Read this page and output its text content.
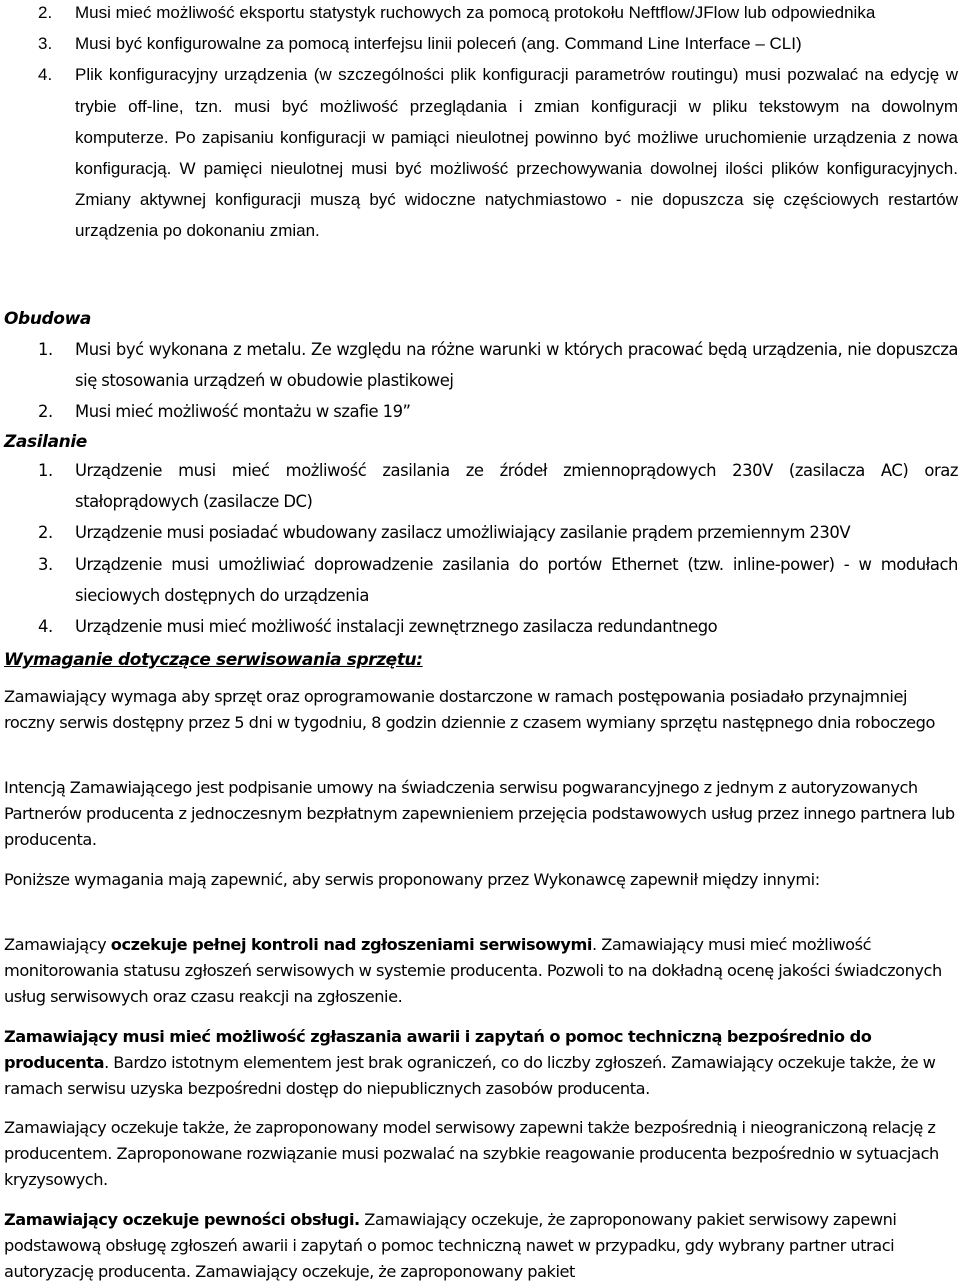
2. Musi mieć możliwość eksportu statystyk ruchowych za pomocą protokołu Neftflow/JFlow lub odpowiednika
3. Musi być konfigurowalne za pomocą interfejsu linii poleceń (ang. Command Line Interface – CLI)
4. Plik konfiguracyjny urządzenia (w szczególności plik konfiguracji parametrów routingu) musi pozwalać na edycję w trybie off-line, tzn. musi być możliwość przeglądania i zmian konfiguracji w pliku tekstowym na dowolnym komputerze. Po zapisaniu konfiguracji w pamiąci nieulotnej powinno być możliwe uruchomienie urządzenia z nowa konfiguracją. W pamięci nieulotnej musi być możliwość przechowywania dowolnej ilości plików konfiguracyjnych. Zmiany aktywnej konfiguracji muszą być widoczne natychmiastowo - nie dopuszcza się częściowych restartów urządzenia po dokonaniu zmian.
Obudowa
1. Musi być wykonana z metalu. Ze względu na różne warunki w których pracować będą urządzenia, nie dopuszcza się stosowania urządzeń w obudowie plastikowej
2. Musi mieć możliwość montażu w szafie 19”
Zasilanie
1. Urządzenie musi mieć możliwość zasilania ze źródeł zmiennoprądowych 230V (zasilacza AC) oraz stałoprądowych (zasilacze DC)
2. Urządzenie musi posiadać wbudowany zasilacz umożliwiający zasilanie prądem przemiennym 230V
3. Urządzenie musi umożliwiać doprowadzenie zasilania do portów Ethernet (tzw. inline-power) - w modułach sieciowych dostępnych do urządzenia
4. Urządzenie musi mieć możliwość instalacji zewnętrznego zasilacza redundantnego
Wymaganie dotyczące serwisowania sprzętu:
Zamawiający wymaga aby sprzęt oraz oprogramowanie dostarczone w ramach postępowania posiadało przynajmniej roczny serwis dostępny przez 5 dni w tygodniu, 8 godzin dziennie z czasem wymiany sprzętu następnego dnia roboczego
Intencją Zamawiającego jest podpisanie umowy na świadczenia serwisu pogwarancyjnego z jednym z autoryzowanych Partnerów producenta z jednoczesnym bezpłatnym zapewnieniem przejęcia podstawowych usług przez innego partnera lub producenta.
Poniższe wymagania mają zapewnić, aby serwis proponowany przez Wykonawcę zapewnił między innymi:
Zamawiający oczekuje pełnej kontroli nad zgłoszeniami serwisowymi. Zamawiający musi mieć możliwość monitorowania statusu zgłoszeń serwisowych w systemie producenta. Pozwoli to na dokładną ocenę jakości świadczonych usług serwisowych oraz czasu reakcji na zgłoszenie.
Zamawiający musi mieć możliwość zgłaszania awarii i zapytań o pomoc techniczną bezpośrednio do producenta. Bardzo istotnym elementem jest brak ograniczeń, co do liczby zgłoszeń. Zamawiający oczekuje także, że w ramach serwisu uzyska bezpośredni dostęp do niepublicznych zasobów producenta.
Zamawiający oczekuje także, że zaproponowany model serwisowy zapewni także bezpośrednią i nieograniczoną relację z producentem. Zaproponowane rozwiązanie musi pozwalać na szybkie reagowanie producenta bezpośrednio w sytuacjach kryzysowych.
Zamawiający oczekuje pewności obsługi. Zamawiający oczekuje, że zaproponowany pakiet serwisowy zapewni podstawową obsługę zgłoszeń awarii i zapytań o pomoc techniczną nawet w przypadku, gdy wybrany partner utraci autoryzację producenta. Zamawiający oczekuje, że zaproponowany pakiet
